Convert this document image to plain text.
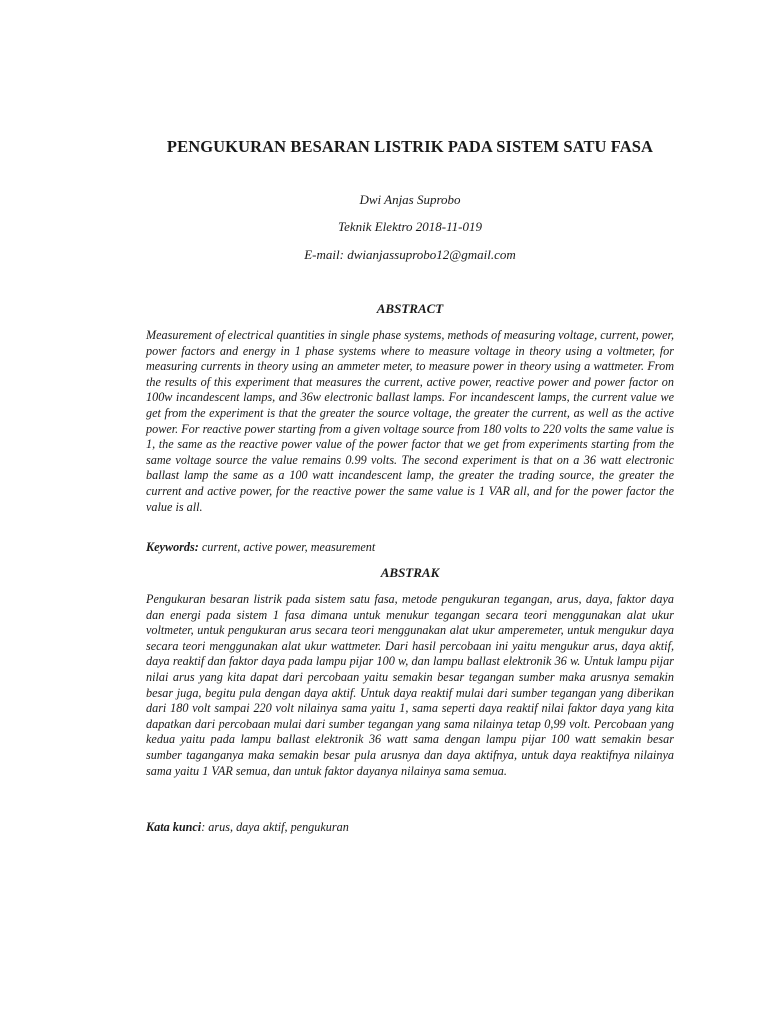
PENGUKURAN BESARAN LISTRIK PADA SISTEM SATU FASA
Dwi Anjas Suprobo
Teknik Elektro 2018-11-019
E-mail: dwianjassuprobo12@gmail.com
ABSTRACT
Measurement of electrical quantities in single phase systems, methods of measuring voltage, current, power, power factors and energy in 1 phase systems where to measure voltage in theory using a voltmeter, for measuring currents in theory using an ammeter meter, to measure power in theory using a wattmeter. From the results of this experiment that measures the current, active power, reactive power and power factor on 100w incandescent lamps, and 36w electronic ballast lamps. For incandescent lamps, the current value we get from the experiment is that the greater the source voltage, the greater the current, as well as the active power. For reactive power starting from a given voltage source from 180 volts to 220 volts the same value is 1, the same as the reactive power value of the power factor that we get from experiments starting from the same voltage source the value remains 0.99 volts. The second experiment is that on a 36 watt electronic ballast lamp the same as a 100 watt incandescent lamp, the greater the trading source, the greater the current and active power, for the reactive power the same value is 1 VAR all, and for the power factor the value is all.
Keywords: current, active power, measurement
ABSTRAK
Pengukuran besaran listrik pada sistem satu fasa, metode pengukuran tegangan, arus, daya, faktor daya dan energi pada sistem 1 fasa dimana untuk menukur tegangan secara teori menggunakan alat ukur voltmeter, untuk pengukuran arus secara teori menggunakan alat ukur amperemeter, untuk mengukur daya secara teori menggunakan alat ukur wattmeter. Dari hasil percobaan ini yaitu mengukur arus, daya aktif, daya reaktif dan faktor daya pada lampu pijar 100 w, dan lampu ballast elektronik 36 w. Untuk lampu pijar nilai arus yang kita dapat dari percobaan yaitu semakin besar tegangan sumber maka arusnya semakin besar juga, begitu pula dengan daya aktif. Untuk daya reaktif mulai dari sumber tegangan yang diberikan dari 180 volt sampai 220 volt nilainya sama yaitu 1, sama seperti daya reaktif nilai faktor daya yang kita dapatkan dari percobaan mulai dari sumber tegangan yang sama nilainya tetap 0,99 volt. Percobaan yang kedua yaitu pada lampu ballast elektronik 36 watt sama dengan lampu pijar 100 watt semakin besar sumber taganganya maka semakin besar pula arusnya dan daya aktifnya, untuk daya reaktifnya nilainya sama yaitu 1 VAR semua, dan untuk faktor dayanya nilainya sama semua.
Kata kunci: arus, daya aktif, pengukuran
